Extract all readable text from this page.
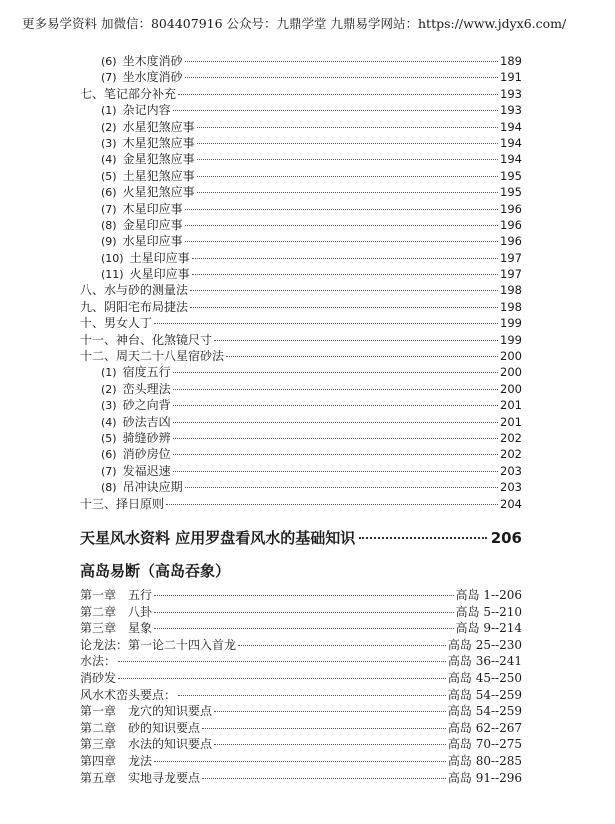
更多易学资料 加微信：804407916 公众号：九鼎学堂 九鼎易学网站：https://www.jdyx6.com/
(6) 坐木度消砂	189
(7) 坐水度消砂	191
七、笔记部分补充	193
(1) 杂记内容	193
(2) 水星犯煞应事	194
(3) 木星犯煞应事	194
(4) 金星犯煞应事	194
(5) 土星犯煞应事	195
(6) 火星犯煞应事	195
(7) 木星印应事	196
(8) 金星印应事	196
(9) 水星印应事	196
(10) 土星印应事	197
(11) 火星印应事	197
八、水与砂的测量法	198
九、阴阳宅布局捷法	198
十、男女人丁	199
十一、神台、化煞镜尺寸	199
十二、周天二十八星宿砂法	200
(1) 宿度五行	200
(2) 峦头理法	200
(3) 砂之向背	201
(4) 砂法吉凶	201
(5) 骑缝砂辨	202
(6) 消砂房位	202
(7) 发福迟速	203
(8) 吊冲诀应期	203
十三、择日原则	204
天星风水资料 应用罗盘看风水的基础知识	206
高岛易断（高岛吞象）
第一章　五行	高岛 1--206
第二章　八卦	高岛 5--210
第三章　星象	高岛 9--214
论龙法：第一论二十四入首龙	高岛 25--230
水法：	高岛 36--241
消砂发	高岛 45--250
风水术峦头要点：	高岛 54--259
第一章　龙穴的知识要点	高岛 54--259
第二章　砂的知识要点	高岛 62--267
第三章　水法的知识要点	高岛 70--275
第四章　龙法	高岛 80--285
第五章　实地寻龙要点	高岛 91--296
